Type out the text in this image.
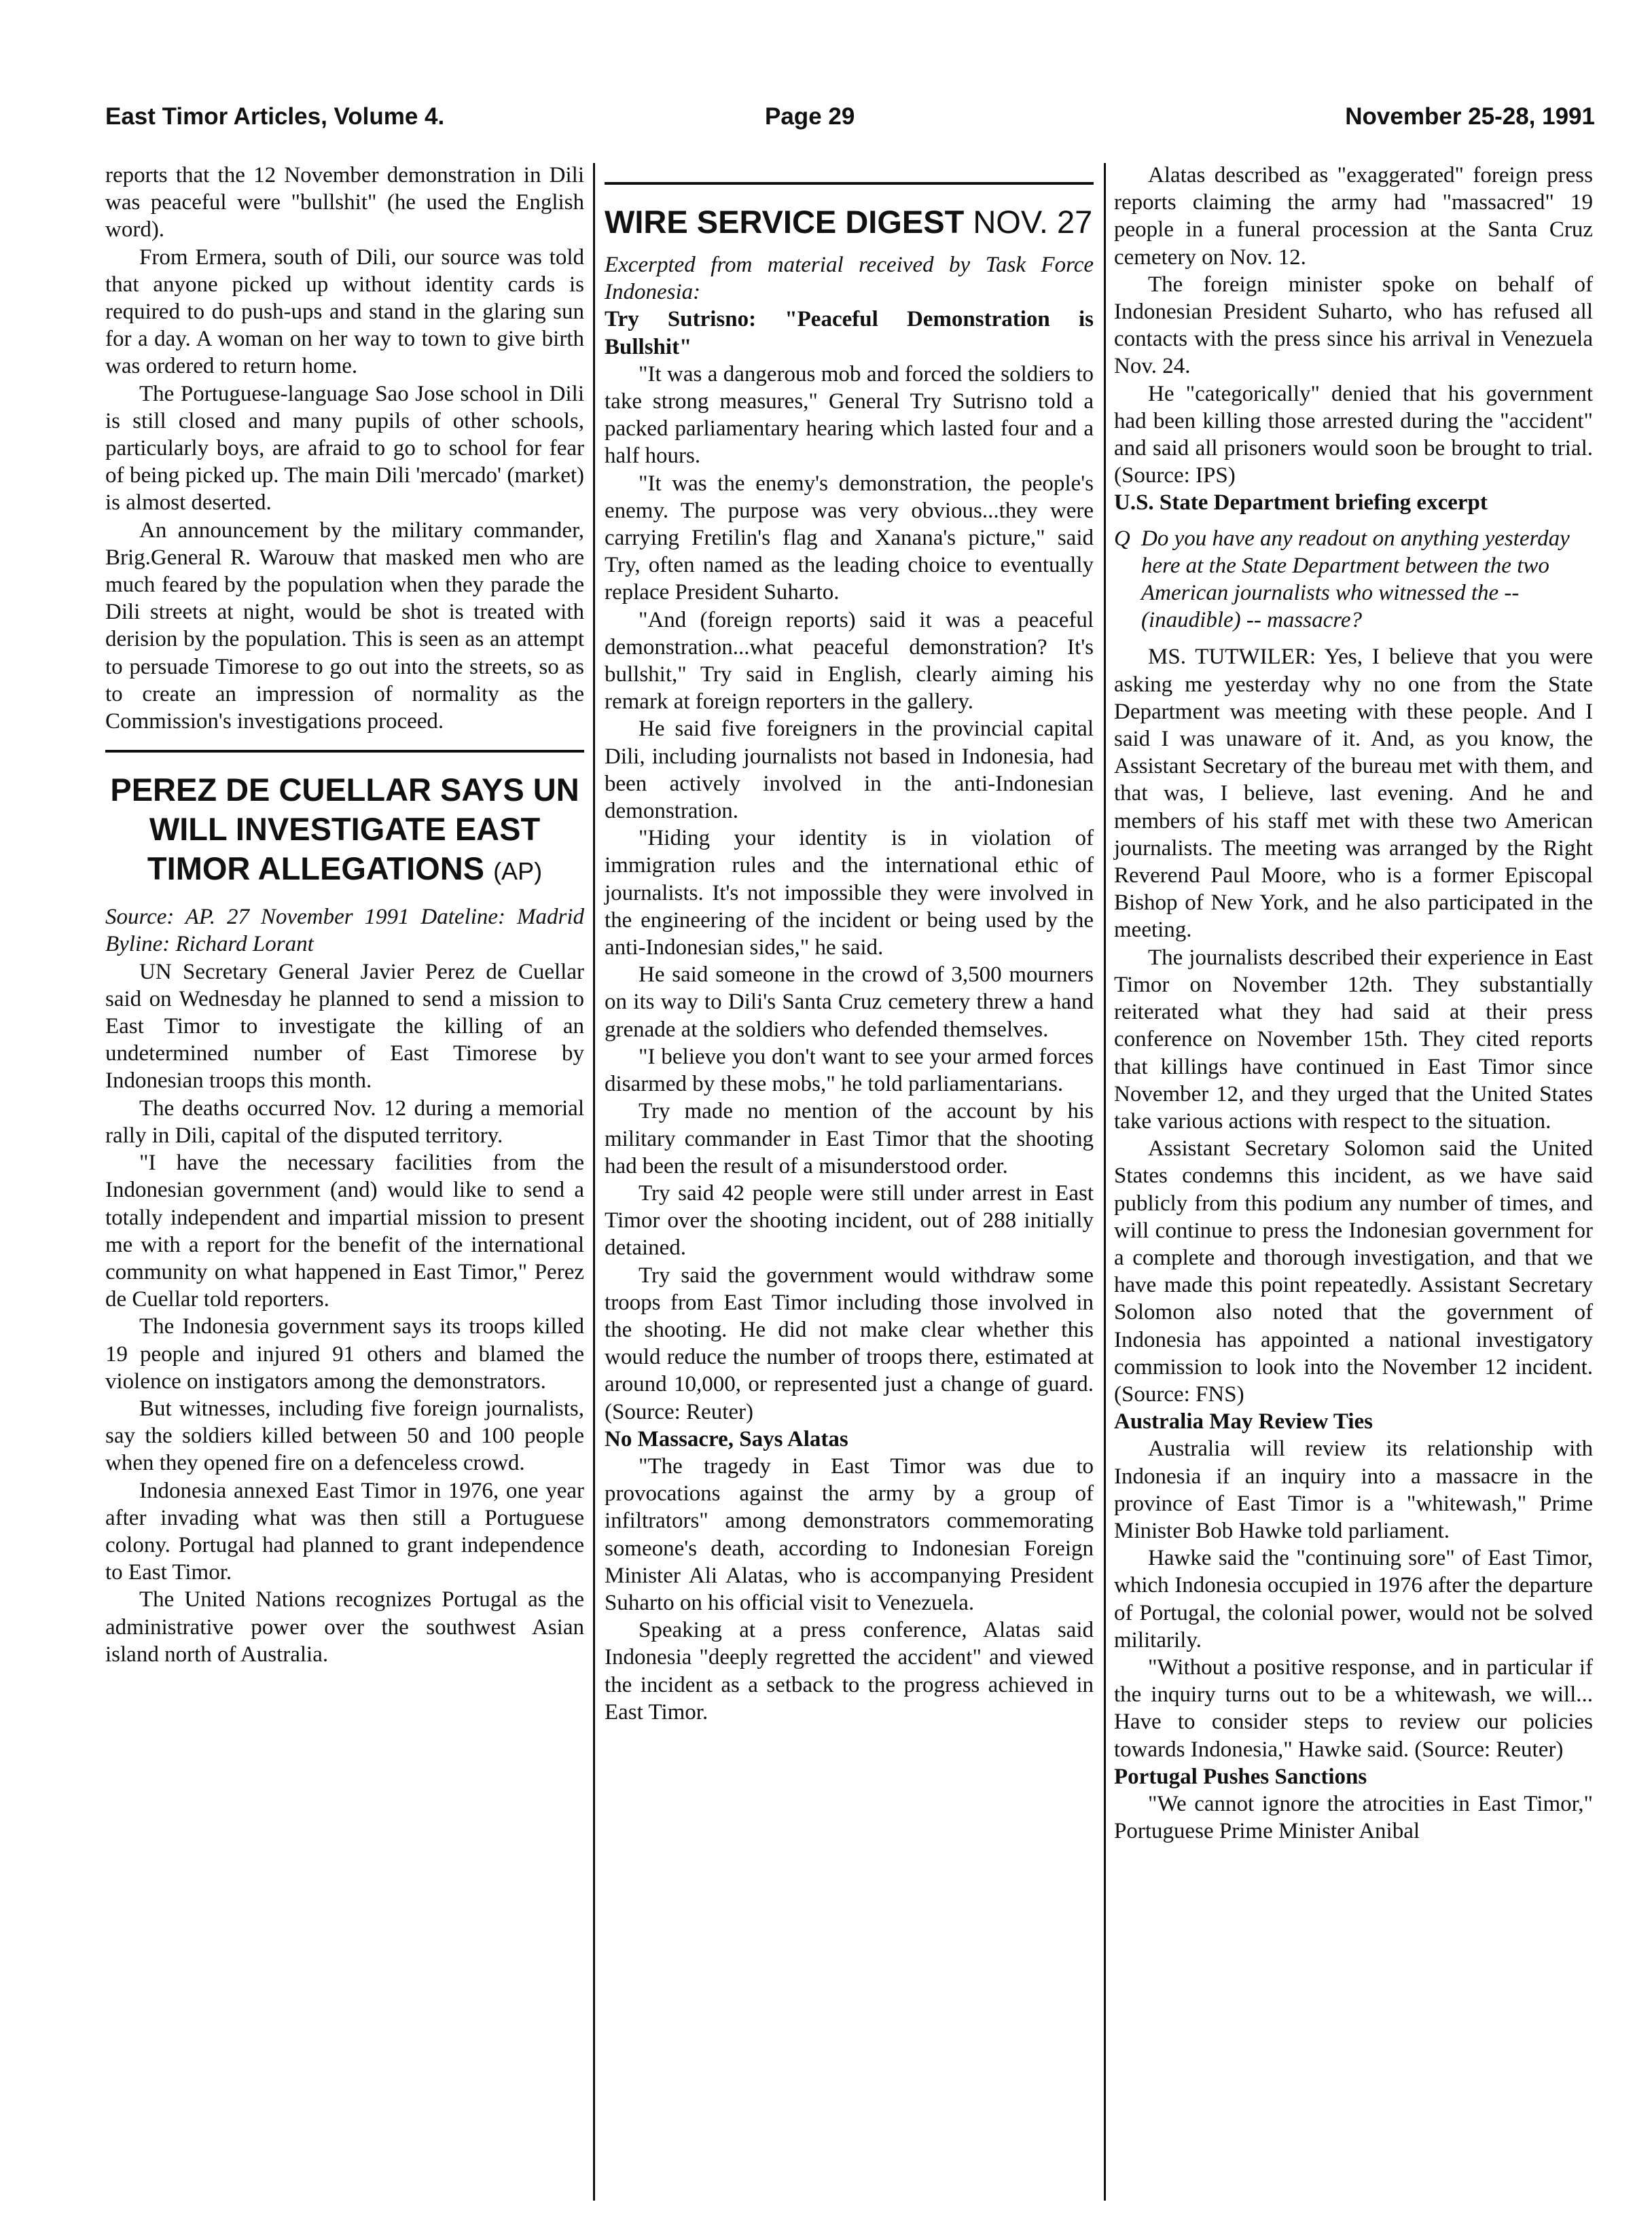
East Timor Articles, Volume 4.	Page 29	November 25-28, 1991

reports that the 12 November demonstration in Dili was peaceful were "bullshit" (he used the English word).

From Ermera, south of Dili, our source was told that anyone picked up without identity cards is required to do push-ups and stand in the glaring sun for a day. A woman on her way to town to give birth was ordered to return home.

The Portuguese-language Sao Jose school in Dili is still closed and many pupils of other schools, particularly boys, are afraid to go to school for fear of being picked up. The main Dili 'mercado' (market) is almost deserted.

An announcement by the military commander, Brig.General R. Warouw that masked men who are much feared by the population when they parade the Dili streets at night, would be shot is treated with derision by the population. This is seen as an attempt to persuade Timorese to go out into the streets, so as to create an impression of normality as the Commission's investigations proceed.

PEREZ DE CUELLAR SAYS UN WILL INVESTIGATE EAST TIMOR ALLEGATIONS (AP)

Source: AP. 27 November 1991 Dateline: Madrid Byline: Richard Lorant

UN Secretary General Javier Perez de Cuellar said on Wednesday he planned to send a mission to East Timor to investigate the killing of an undetermined number of East Timorese by Indonesian troops this month.

The deaths occurred Nov. 12 during a memorial rally in Dili, capital of the disputed territory.

"I have the necessary facilities from the Indonesian government (and) would like to send a totally independent and impartial mission to present me with a report for the benefit of the international community on what happened in East Timor," Perez de Cuellar told reporters.

The Indonesia government says its troops killed 19 people and injured 91 others and blamed the violence on instigators among the demonstrators.

But witnesses, including five foreign journalists, say the soldiers killed between 50 and 100 people when they opened fire on a defenceless crowd.

Indonesia annexed East Timor in 1976, one year after invading what was then still a Portuguese colony. Portugal had planned to grant independence to East Timor.

The United Nations recognizes Portugal as the administrative power over the southwest Asian island north of Australia.

WIRE SERVICE DIGEST NOV. 27

Excerpted from material received by Task Force Indonesia:

Try Sutrisno: "Peaceful Demonstration is Bullshit"

"It was a dangerous mob and forced the soldiers to take strong measures," General Try Sutrisno told a packed parliamentary hearing which lasted four and a half hours.

"It was the enemy's demonstration, the people's enemy. The purpose was very obvious...they were carrying Fretilin's flag and Xanana's picture," said Try, often named as the leading choice to eventually replace President Suharto.

"And (foreign reports) said it was a peaceful demonstration...what peaceful demonstration? It's bullshit," Try said in English, clearly aiming his remark at foreign reporters in the gallery.

He said five foreigners in the provincial capital Dili, including journalists not based in Indonesia, had been actively involved in the anti-Indonesian demonstration.

"Hiding your identity is in violation of immigration rules and the international ethic of journalists. It's not impossible they were involved in the engineering of the incident or being used by the anti-Indonesian sides," he said.

He said someone in the crowd of 3,500 mourners on its way to Dili's Santa Cruz cemetery threw a hand grenade at the soldiers who defended themselves.

"I believe you don't want to see your armed forces disarmed by these mobs," he told parliamentarians.

Try made no mention of the account by his military commander in East Timor that the shooting had been the result of a misunderstood order.

Try said 42 people were still under arrest in East Timor over the shooting incident, out of 288 initially detained.

Try said the government would withdraw some troops from East Timor including those involved in the shooting. He did not make clear whether this would reduce the number of troops there, estimated at around 10,000, or represented just a change of guard. (Source: Reuter)

No Massacre, Says Alatas

"The tragedy in East Timor was due to provocations against the army by a group of infiltrators" among demonstrators commemorating someone's death, according to Indonesian Foreign Minister Ali Alatas, who is accompanying President Suharto on his official visit to Venezuela.

Speaking at a press conference, Alatas said Indonesia "deeply regretted the accident" and viewed the incident as a setback to the progress achieved in East Timor.

Alatas described as "exaggerated" foreign press reports claiming the army had "massacred" 19 people in a funeral procession at the Santa Cruz cemetery on Nov. 12.

The foreign minister spoke on behalf of Indonesian President Suharto, who has refused all contacts with the press since his arrival in Venezuela Nov. 24.

He "categorically" denied that his government had been killing those arrested during the "accident" and said all prisoners would soon be brought to trial. (Source: IPS)

U.S. State Department briefing excerpt

Q Do you have any readout on anything yesterday here at the State Department between the two American journalists who witnessed the -- (inaudible) -- massacre?

MS. TUTWILER: Yes, I believe that you were asking me yesterday why no one from the State Department was meeting with these people. And I said I was unaware of it. And, as you know, the Assistant Secretary of the bureau met with them, and that was, I believe, last evening. And he and members of his staff met with these two American journalists. The meeting was arranged by the Right Reverend Paul Moore, who is a former Episcopal Bishop of New York, and he also participated in the meeting.

The journalists described their experience in East Timor on November 12th. They substantially reiterated what they had said at their press conference on November 15th. They cited reports that killings have continued in East Timor since November 12, and they urged that the United States take various actions with respect to the situation.

Assistant Secretary Solomon said the United States condemns this incident, as we have said publicly from this podium any number of times, and will continue to press the Indonesian government for a complete and thorough investigation, and that we have made this point repeatedly. Assistant Secretary Solomon also noted that the government of Indonesia has appointed a national investigatory commission to look into the November 12 incident. (Source: FNS)

Australia May Review Ties

Australia will review its relationship with Indonesia if an inquiry into a massacre in the province of East Timor is a "whitewash," Prime Minister Bob Hawke told parliament.

Hawke said the "continuing sore" of East Timor, which Indonesia occupied in 1976 after the departure of Portugal, the colonial power, would not be solved militarily.

"Without a positive response, and in particular if the inquiry turns out to be a whitewash, we will... Have to consider steps to review our policies towards Indonesia," Hawke said. (Source: Reuter)

Portugal Pushes Sanctions

"We cannot ignore the atrocities in East Timor," Portuguese Prime Minister Anibal
